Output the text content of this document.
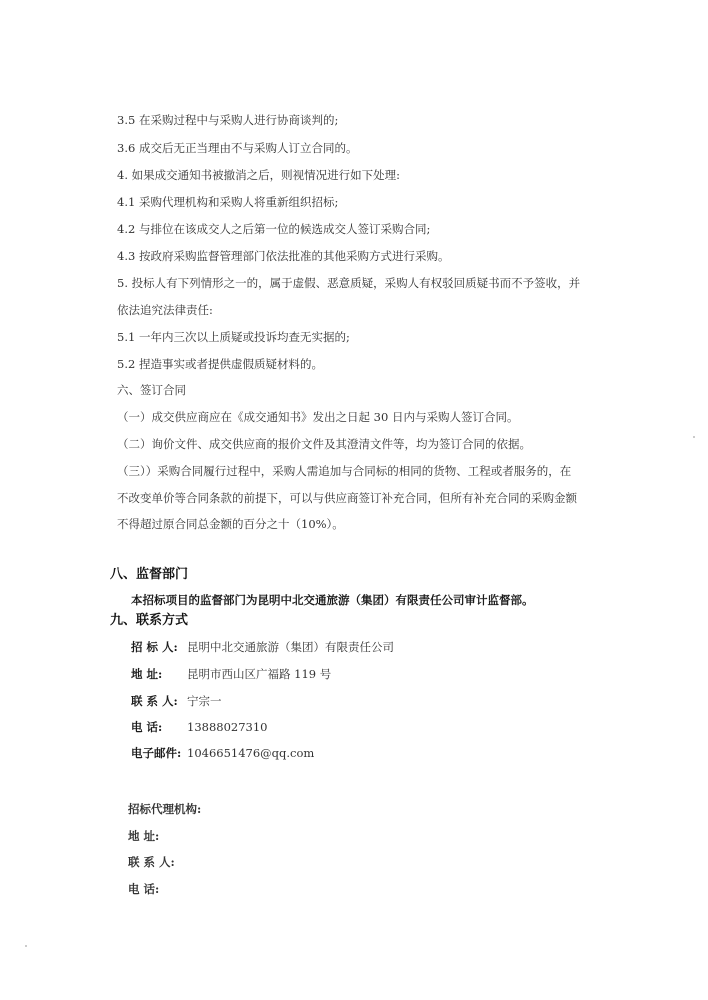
3.5 在采购过程中与采购人进行协商谈判的;
3.6 成交后无正当理由不与采购人订立合同的。
4. 如果成交通知书被撤消之后，则视情况进行如下处理:
4.1 采购代理机构和采购人将重新组织招标;
4.2 与排位在该成交人之后第一位的候选成交人签订采购合同;
4.3 按政府采购监督管理部门依法批准的其他采购方式进行采购。
5. 投标人有下列情形之一的，属于虚假、恶意质疑，采购人有权驳回质疑书而不予签收，并
依法追究法律责任:
5.1 一年内三次以上质疑或投诉均查无实据的;
5.2 捏造事实或者提供虚假质疑材料的。
六、签订合同
（一）成交供应商应在《成交通知书》发出之日起 30 日内与采购人签订合同。
（二）询价文件、成交供应商的报价文件及其澄清文件等，均为签订合同的依据。
（三））采购合同履行过程中，采购人需追加与合同标的相同的货物、工程或者服务的，在
不改变单价等合同条款的前提下，可以与供应商签订补充合同，但所有补充合同的采购金额
不得超过原合同总金额的百分之十（10%）。
八、监督部门
本招标项目的监督部门为昆明中北交通旅游（集团）有限责任公司审计监督部。
九、联系方式
招 标 人: 昆明中北交通旅游（集团）有限责任公司
地 址: 昆明市西山区广福路 119 号
联 系 人: 宁宗一
电 话: 13888027310
电子邮件: 1046651476@qq.com
招标代理机构:
地 址:
联 系 人:
电 话:
